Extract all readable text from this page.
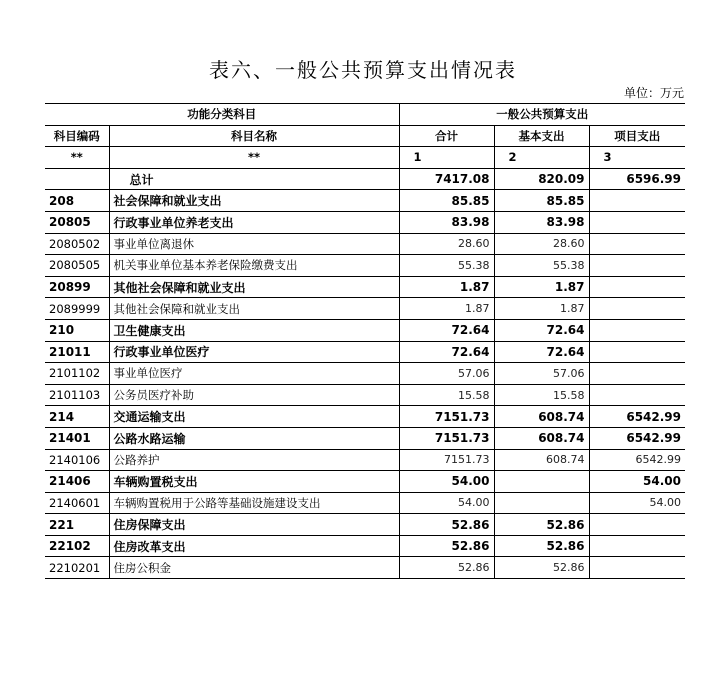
表六、一般公共预算支出情况表
单位：万元
功能分类科目		一般公共预算支出		
科目编码	科目名称	合计	基本支出	项目支出
**	**	1	2	3
	总计	7417.08	820.09	6596.99
208	社会保障和就业支出	85.85	85.85	
20805	行政事业单位养老支出	83.98	83.98	
2080502	事业单位离退休	28.60	28.60	
2080505	机关事业单位基本养老保险缴费支出	55.38	55.38	
20899	其他社会保障和就业支出	1.87	1.87	
2089999	其他社会保障和就业支出	1.87	1.87	
210	卫生健康支出	72.64	72.64	
21011	行政事业单位医疗	72.64	72.64	
2101102	事业单位医疗	57.06	57.06	
2101103	公务员医疗补助	15.58	15.58	
214	交通运输支出	7151.73	608.74	6542.99
21401	公路水路运输	7151.73	608.74	6542.99
2140106	公路养护	7151.73	608.74	6542.99
21406	车辆购置税支出	54.00		54.00
2140601	车辆购置税用于公路等基础设施建设支出	54.00		54.00
221	住房保障支出	52.86	52.86	
22102	住房改革支出	52.86	52.86	
2210201	住房公积金	52.86	52.86	
